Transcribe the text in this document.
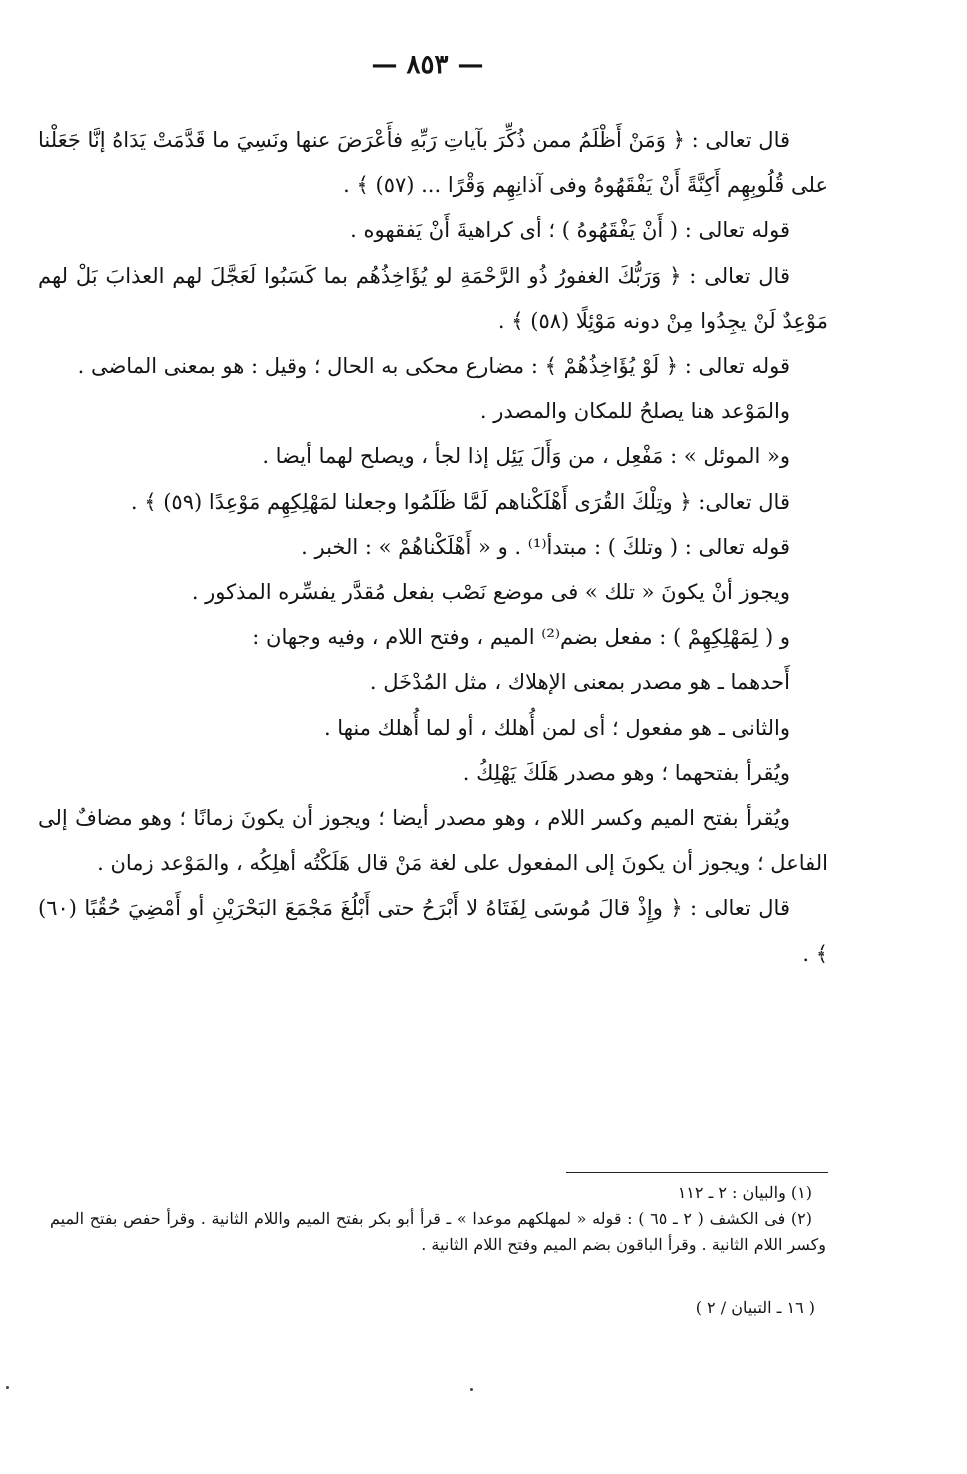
— ٨٥٣ —

قال تعالى : ﴿ وَمَنْ أَظْلَمُ ممن ذُكِّرَ بآياتِ رَبِّهِ فأَعْرَضَ عنها ونَسِيَ ما قَدَّمَتْ يَدَاهُ إنَّا جَعَلْنا على قُلُوبِهِم أَكِنَّةً أَنْ يَفْقَهُوهُ وفى آذانِهِم وَقْرًا ... (٥٧) ﴾ .

قوله تعالى : ( أَنْ يَفْقَهُوهُ ) ؛ أى كراهيةَ أَنْ يَفقهوه .

قال تعالى : ﴿ وَرَبُّكَ الغفورُ ذُو الرَّحْمَةِ لو يُؤَاخِذُهُم بما كَسَبُوا لَعَجَّلَ لهم العذابَ بَلْ لهم مَوْعِدٌ لَنْ يجِدُوا مِنْ دونه مَوْئِلًا (٥٨) ﴾ .

قوله تعالى : ﴿ لَوْ يُؤَاخِذُهُمْ ﴾ : مضارع محكى به الحال ؛ وقيل : هو بمعنى الماضى .

والمَوْعد هنا يصلحُ للمكان والمصدر .

و« الموئل » : مَفْعِل ، من وَأَلَ يَئِل إذا لجأ ، ويصلح لهما أيضا .

قال تعالى: ﴿ وتِلْكَ القُرَى أَهْلَكْناهم لَمَّا ظَلَمُوا وجعلنا لمَهْلِكِهِم مَوْعِدًا (٥٩) ﴾ .

قوله تعالى : ( وتلكَ ) : مبتدأ⁽¹⁾ . و « أَهْلَكْناهُمْ » : الخبر .

ويجوز أنْ يكونَ « تلك » فى موضع نَصْب بفعل مُقدَّر يفسِّره المذكور .

و ( لِمَهْلِكِهِمْ ) : مفعل بضم⁽²⁾ الميم ، وفتح اللام ، وفيه وجهان :

أَحدهما ـ هو مصدر بمعنى الإهلاك ، مثل المُدْخَل .

والثانى ـ هو مفعول ؛ أى لمن أُهلك ، أو لما أُهلك منها .

ويُقرأ بفتحهما ؛ وهو مصدر هَلَكَ يَهْلِكُ .

ويُقرأ بفتح الميم وكسر اللام ، وهو مصدر أيضا ؛ ويجوز أن يكونَ زمانًا ؛ وهو مضافٌ إلى الفاعل ؛ ويجوز أن يكونَ إلى المفعول على لغة مَنْ قال هَلَكْتُه أهلِكُه ، والمَوْعد زمان .

قال تعالى : ﴿ وإِذْ قالَ مُوسَى لِفَتَاهُ لا أَبْرَحُ حتى أَبْلُغَ مَجْمَعَ البَحْرَيْنِ أو أَمْضِيَ حُقُبًا (٦٠) ﴾ .

(١) والبيان : ٢ ـ ١١٢

(٢) فى الكشف ( ٢ ـ ٦٥ ) : قوله « لمهلكهم موعدا » ـ قرأ أبو بكر بفتح الميم واللام الثانية . وقرأ حفص بفتح الميم وكسر اللام الثانية . وقرأ الباقون بضم الميم وفتح اللام الثانية .

( ١٦ ـ التبيان / ٢ )
